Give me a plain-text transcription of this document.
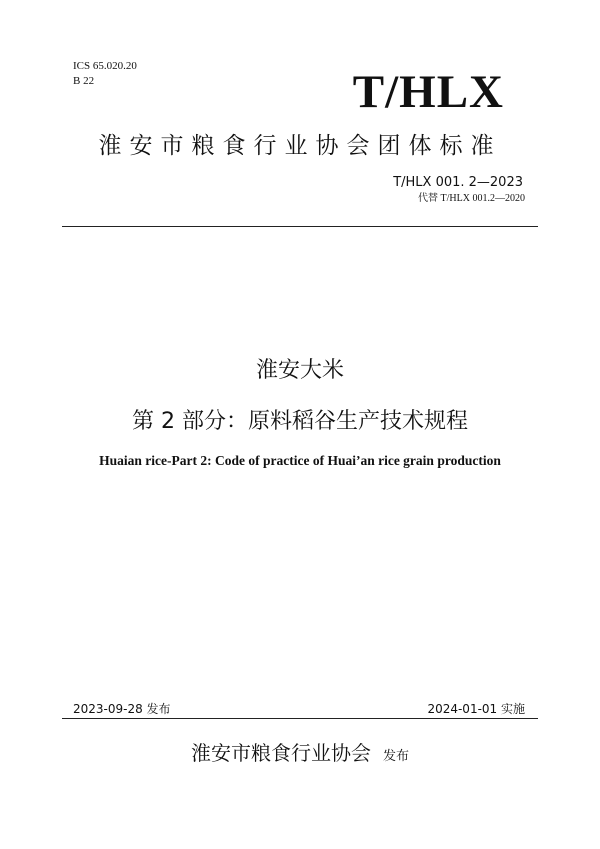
ICS 65.020.20
B 22	T/HLX
淮安市粮食行业协会团体标准
T/HLX 001. 2—2023
代替 T/HLX 001.2—2020
淮安大米
第 2 部分：原料稻谷生产技术规程
Huaian rice-Part 2: Code of practice of Huai’an rice grain production
2023-09-28 发布	2024-01-01 实施
淮安市粮食行业协会 发布
